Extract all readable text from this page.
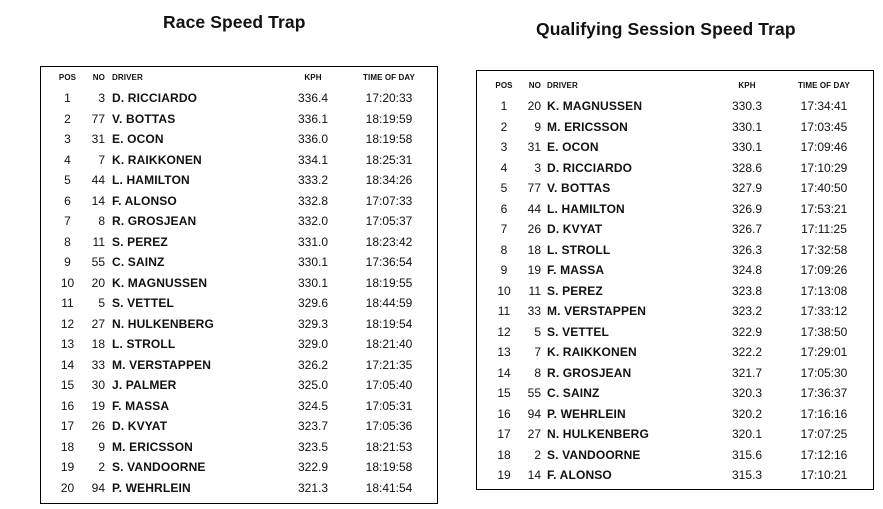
Race Speed Trap	Qualifying Session Speed Trap
POS	NO DRIVER	KPH	TIME OF DAY
1	3 D. RICCIARDO	336.4	17:20:33
2	77 V. BOTTAS	336.1	18:19:59
3	31 E. OCON	336.0	18:19:58
4	7 K. RAIKKONEN	334.1	18:25:31
5	44 L. HAMILTON	333.2	18:34:26
6	14 F. ALONSO	332.8	17:07:33
7	8 R. GROSJEAN	332.0	17:05:37
8	11 S. PEREZ	331.0	18:23:42
9	55 C. SAINZ	330.1	17:36:54
10	20 K. MAGNUSSEN	330.1	18:19:55
11	5 S. VETTEL	329.6	18:44:59
12	27 N. HULKENBERG	329.3	18:19:54
13	18 L. STROLL	329.0	18:21:40
14	33 M. VERSTAPPEN	326.2	17:21:35
15	30 J. PALMER	325.0	17:05:40
16	19 F. MASSA	324.5	17:05:31
17	26 D. KVYAT	323.7	17:05:36
18	9 M. ERICSSON	323.5	18:21:53
19	2 S. VANDOORNE	322.9	18:19:58
20	94 P. WEHRLEIN	321.3	18:41:54
POS	NO DRIVER	KPH	TIME OF DAY
1	20 K. MAGNUSSEN	330.3	17:34:41
2	9 M. ERICSSON	330.1	17:03:45
3	31 E. OCON	330.1	17:09:46
4	3 D. RICCIARDO	328.6	17:10:29
5	77 V. BOTTAS	327.9	17:40:50
6	44 L. HAMILTON	326.9	17:53:21
7	26 D. KVYAT	326.7	17:11:25
8	18 L. STROLL	326.3	17:32:58
9	19 F. MASSA	324.8	17:09:26
10	11 S. PEREZ	323.8	17:13:08
11	33 M. VERSTAPPEN	323.2	17:33:12
12	5 S. VETTEL	322.9	17:38:50
13	7 K. RAIKKONEN	322.2	17:29:01
14	8 R. GROSJEAN	321.7	17:05:30
15	55 C. SAINZ	320.3	17:36:37
16	94 P. WEHRLEIN	320.2	17:16:16
17	27 N. HULKENBERG	320.1	17:07:25
18	2 S. VANDOORNE	315.6	17:12:16
19	14 F. ALONSO	315.3	17:10:21
